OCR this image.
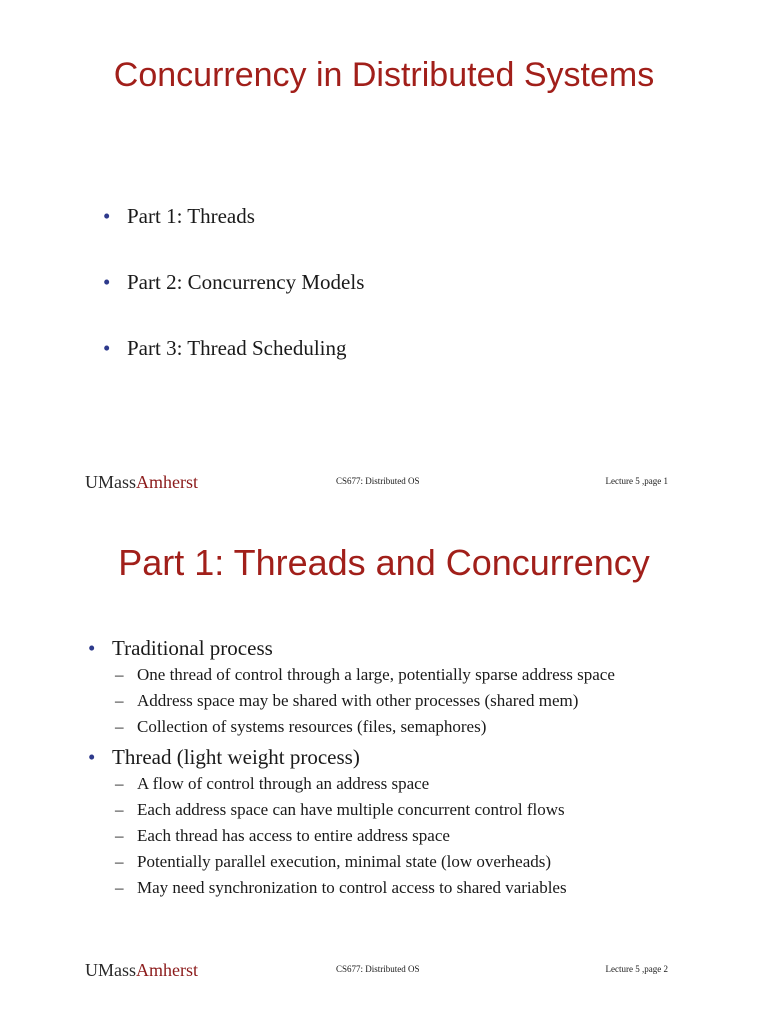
Concurrency in Distributed Systems
• Part 1: Threads
• Part 2: Concurrency Models
• Part 3: Thread Scheduling
UMassAmherst	CS677: Distributed OS	Lecture 5 ,page 1
Part 1: Threads and Concurrency
• Traditional process
– One thread of control through a large, potentially sparse address space
– Address space may be shared with other processes (shared mem)
– Collection of systems resources (files, semaphores)
• Thread (light weight process)
– A flow of control through an address space
– Each address space can have multiple concurrent control flows
– Each thread has access to entire address space
– Potentially parallel execution, minimal state (low overheads)
– May need synchronization to control access to shared variables
UMassAmherst	CS677: Distributed OS	Lecture 5 ,page 2
